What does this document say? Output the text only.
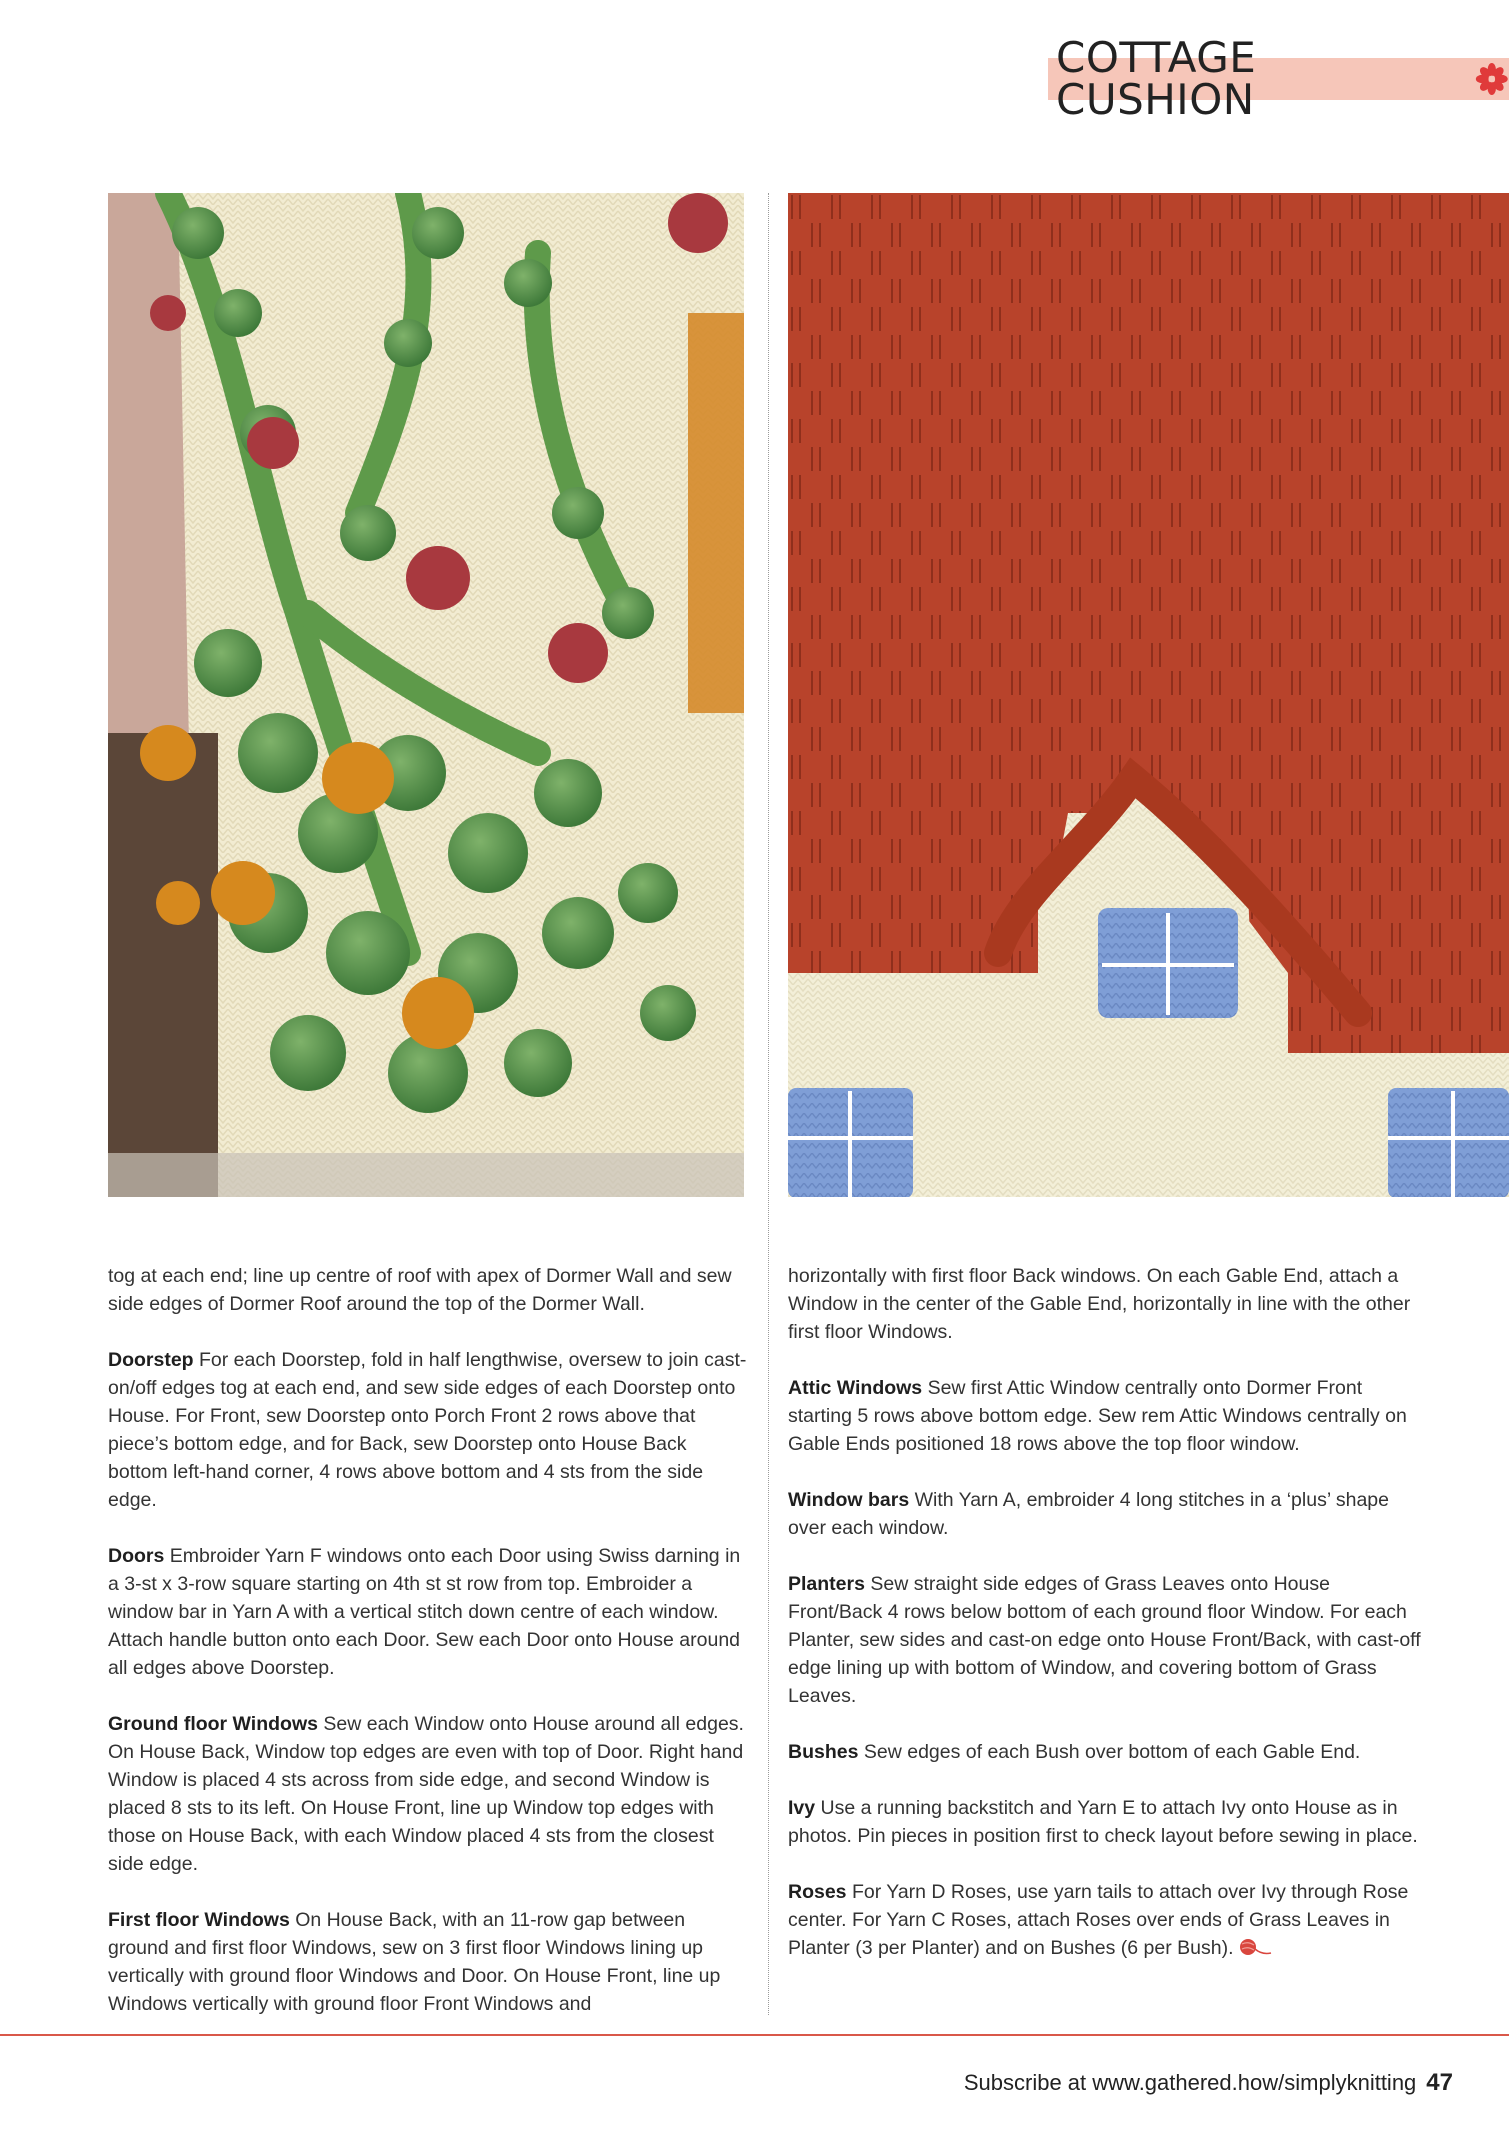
COTTAGE CUSHION

tog at each end; line up centre of roof with apex of Dormer Wall and sew side edges of Dormer Roof around the top of the Dormer Wall.

Doorstep For each Doorstep, fold in half lengthwise, oversew to join cast-on/off edges tog at each end, and sew side edges of each Doorstep onto House. For Front, sew Doorstep onto Porch Front 2 rows above that piece’s bottom edge, and for Back, sew Doorstep onto House Back bottom left-hand corner, 4 rows above bottom and 4 sts from the side edge.

Doors Embroider Yarn F windows onto each Door using Swiss darning in a 3-st x 3-row square starting on 4th st st row from top. Embroider a window bar in Yarn A with a vertical stitch down centre of each window. Attach handle button onto each Door. Sew each Door onto House around all edges above Doorstep.

Ground floor Windows Sew each Window onto House around all edges. On House Back, Window top edges are even with top of Door. Right hand Window is placed 4 sts across from side edge, and second Window is placed 8 sts to its left. On House Front, line up Window top edges with those on House Back, with each Window placed 4 sts from the closest side edge.

First floor Windows On House Back, with an 11-row gap between ground and first floor Windows, sew on 3 first floor Windows lining up vertically with ground floor Windows and Door. On House Front, line up Windows vertically with ground floor Front Windows and

horizontally with first floor Back windows. On each Gable End, attach a Window in the center of the Gable End, horizontally in line with the other first floor Windows.

Attic Windows Sew first Attic Window centrally onto Dormer Front starting 5 rows above bottom edge. Sew rem Attic Windows centrally on Gable Ends positioned 18 rows above the top floor window.

Window bars With Yarn A, embroider 4 long stitches in a ‘plus’ shape over each window.

Planters Sew straight side edges of Grass Leaves onto House Front/Back 4 rows below bottom of each ground floor Window. For each Planter, sew sides and cast-on edge onto House Front/Back, with cast-off edge lining up with bottom of Window, and covering bottom of Grass Leaves.

Bushes Sew edges of each Bush over bottom of each Gable End.

Ivy Use a running backstitch and Yarn E to attach Ivy onto House as in photos. Pin pieces in position first to check layout before sewing in place.

Roses For Yarn D Roses, use yarn tails to attach over Ivy through Rose center. For Yarn C Roses, attach Roses over ends of Grass Leaves in Planter (3 per Planter) and on Bushes (6 per Bush).

Subscribe at www.gathered.how/simplyknitting 47
